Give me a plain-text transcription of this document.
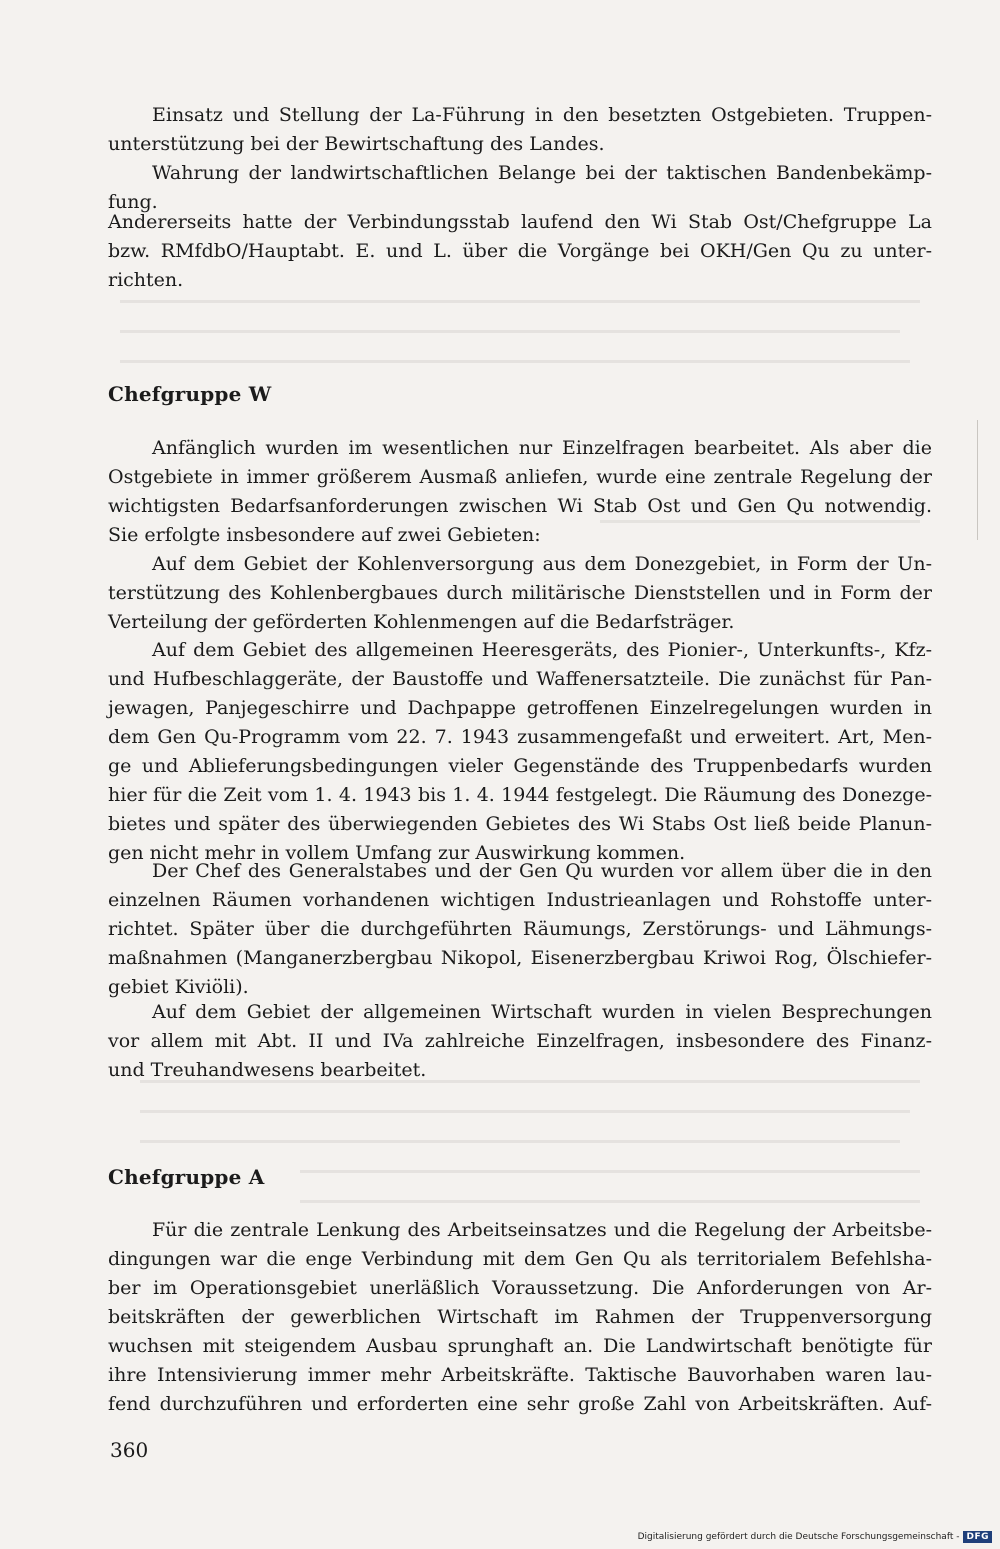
Einsatz und Stellung der La-Führung in den besetzten Ostgebieten. Truppen-
unterstützung bei der Bewirtschaftung des Landes.
Wahrung der landwirtschaftlichen Belange bei der taktischen Bandenbekämp-
fung.
Andererseits hatte der Verbindungsstab laufend den Wi Stab Ost/Chefgruppe La
bzw. RMfdbO/Hauptabt. E. und L. über die Vorgänge bei OKH/Gen Qu zu unter-
richten.
Chefgruppe W
Anfänglich wurden im wesentlichen nur Einzelfragen bearbeitet. Als aber die
Ostgebiete in immer größerem Ausmaß anliefen, wurde eine zentrale Regelung der
wichtigsten Bedarfsanforderungen zwischen Wi Stab Ost und Gen Qu notwendig.
Sie erfolgte insbesondere auf zwei Gebieten:
Auf dem Gebiet der Kohlenversorgung aus dem Donezgebiet, in Form der Un-
terstützung des Kohlenbergbaues durch militärische Dienststellen und in Form der
Verteilung der geförderten Kohlenmengen auf die Bedarfsträger.
Auf dem Gebiet des allgemeinen Heeresgeräts, des Pionier-, Unterkunfts-, Kfz-
und Hufbeschlaggeräte, der Baustoffe und Waffenersatzteile. Die zunächst für Pan-
jewagen, Panjegeschirre und Dachpappe getroffenen Einzelregelungen wurden in
dem Gen Qu-Programm vom 22. 7. 1943 zusammengefaßt und erweitert. Art, Men-
ge und Ablieferungsbedingungen vieler Gegenstände des Truppenbedarfs wurden
hier für die Zeit vom 1. 4. 1943 bis 1. 4. 1944 festgelegt. Die Räumung des Donezge-
bietes und später des überwiegenden Gebietes des Wi Stabs Ost ließ beide Planun-
gen nicht mehr in vollem Umfang zur Auswirkung kommen.
Der Chef des Generalstabes und der Gen Qu wurden vor allem über die in den
einzelnen Räumen vorhandenen wichtigen Industrieanlagen und Rohstoffe unter-
richtet. Später über die durchgeführten Räumungs, Zerstörungs- und Lähmungs-
maßnahmen (Manganerzbergbau Nikopol, Eisenerzbergbau Kriwoi Rog, Ölschiefer-
gebiet Kiviöli).
Auf dem Gebiet der allgemeinen Wirtschaft wurden in vielen Besprechungen
vor allem mit Abt. II und IVa zahlreiche Einzelfragen, insbesondere des Finanz-
und Treuhandwesens bearbeitet.
Chefgruppe A
Für die zentrale Lenkung des Arbeitseinsatzes und die Regelung der Arbeitsbe-
dingungen war die enge Verbindung mit dem Gen Qu als territorialem Befehlsha-
ber im Operationsgebiet unerläßlich Voraussetzung. Die Anforderungen von Ar-
beitskräften der gewerblichen Wirtschaft im Rahmen der Truppenversorgung
wuchsen mit steigendem Ausbau sprunghaft an. Die Landwirtschaft benötigte für
ihre Intensivierung immer mehr Arbeitskräfte. Taktische Bauvorhaben waren lau-
fend durchzuführen und erforderten eine sehr große Zahl von Arbeitskräften. Auf-
360
Digitalisierung gefördert durch die Deutsche Forschungsgemeinschaft - DFG
